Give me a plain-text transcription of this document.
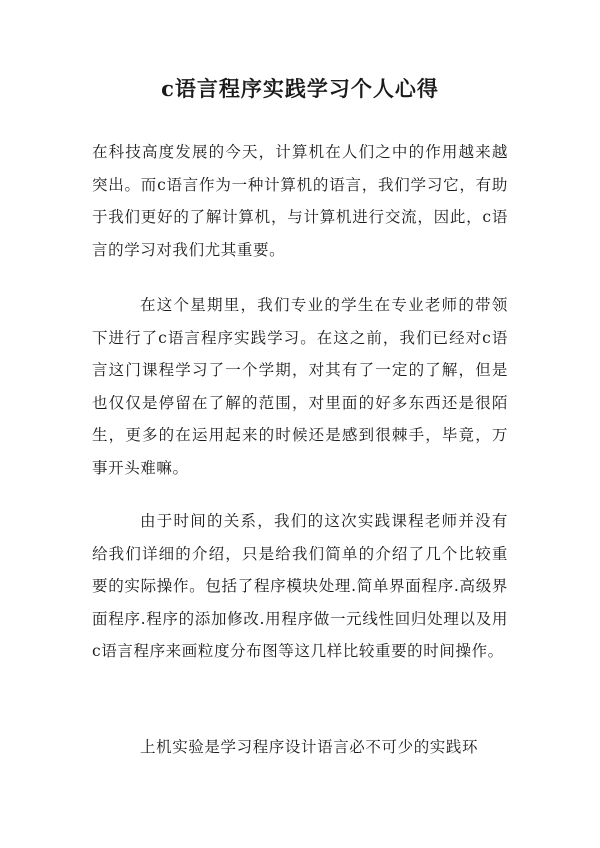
c语言程序实践学习个人心得

在科技高度发展的今天，计算机在人们之中的作用越来越突出。而c语言作为一种计算机的语言，我们学习它，有助于我们更好的了解计算机，与计算机进行交流，因此，c语言的学习对我们尤其重要。

在这个星期里，我们专业的学生在专业老师的带领下进行了c语言程序实践学习。在这之前，我们已经对c语言这门课程学习了一个学期，对其有了一定的了解，但是也仅仅是停留在了解的范围，对里面的好多东西还是很陌生，更多的在运用起来的时候还是感到很棘手，毕竟，万事开头难嘛。

由于时间的关系，我们的这次实践课程老师并没有给我们详细的介绍，只是给我们简单的介绍了几个比较重要的实际操作。包括了程序模块处理.简单界面程序.高级界面程序.程序的添加修改.用程序做一元线性回归处理以及用c语言程序来画粒度分布图等这几样比较重要的时间操作。

上机实验是学习程序设计语言必不可少的实践环
